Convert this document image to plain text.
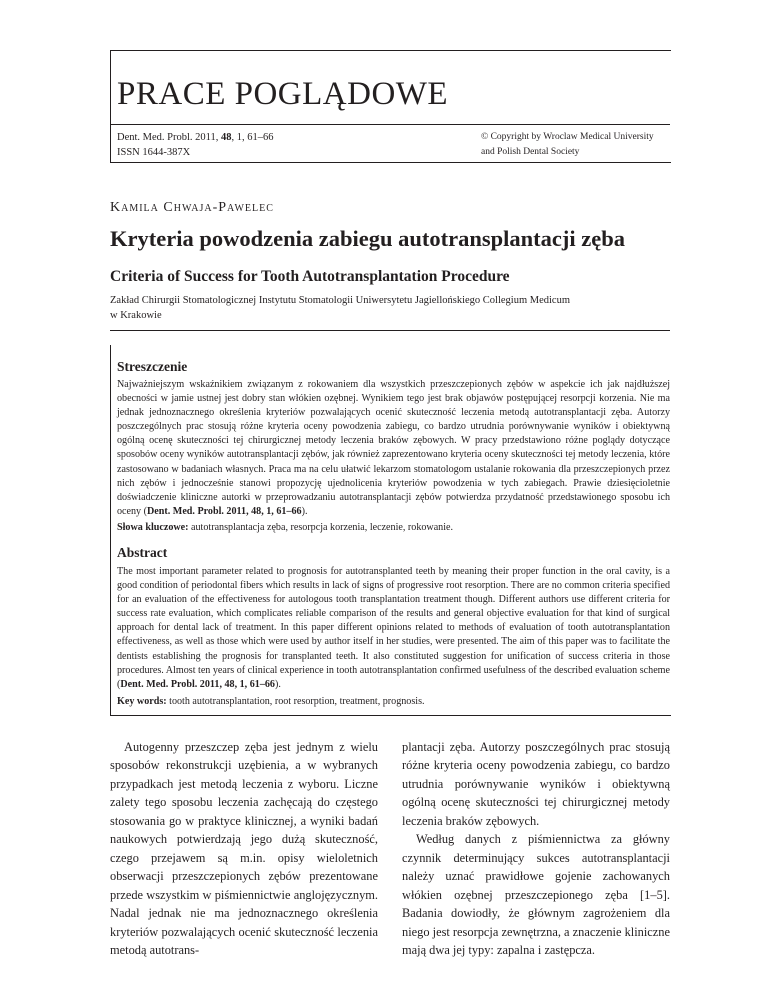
PRACE POGLĄDOWE
Dent. Med. Probl. 2011, 48, 1, 61–66
ISSN 1644-387X
© Copyright by Wroclaw Medical University
and Polish Dental Society
Kamila Chwaja-Pawelec
Kryteria powodzenia zabiegu autotransplantacji zęba
Criteria of Success for Tooth Autotransplantation Procedure
Zakład Chirurgii Stomatologicznej Instytutu Stomatologii Uniwersytetu Jagiellońskiego Collegium Medicum
w Krakowie
Streszczenie

Najważniejszym wskaźnikiem związanym z rokowaniem dla wszystkich przeszczepionych zębów w aspekcie ich jak najdłuższej obecności w jamie ustnej jest dobry stan włókien ozębnej. Wynikiem tego jest brak objawów postępującej resorpcji korzenia. Nie ma jednak jednoznacznego określenia kryteriów pozwalających ocenić skuteczność leczenia metodą autotransplantacji zęba. Autorzy poszczególnych prac stosują różne kryteria oceny powodzenia zabiegu, co bardzo utrudnia porównywanie wyników i obiektywną ogólną ocenę skuteczności tej chirurgicznej metody leczenia braków zębowych. W pracy przedstawiono różne poglądy dotyczące sposobów oceny wyników autotransplantacji zębów, jak również zaprezentowano kryteria oceny skuteczności tej metody leczenia, które zastosowano w badaniach własnych. Praca ma na celu ułatwić lekarzom stomatologom ustalanie rokowania dla przeszczepionych przez nich zębów i jednocześnie stanowi propozycję ujednolicenia kryteriów powodzenia w tych zabiegach. Prawie dziesięcioletnie doświadczenie kliniczne autorki w przeprowadzaniu autotransplantacji zębów potwierdza przydatność przedstawionego sposobu ich oceny (Dent. Med. Probl. 2011, 48, 1, 61–66).

Słowa kluczowe: autotransplantacja zęba, resorpcja korzenia, leczenie, rokowanie.
Abstract

The most important parameter related to prognosis for autotransplanted teeth by meaning their proper function in the oral cavity, is a good condition of periodontal fibers which results in lack of signs of progressive root resorption. There are no common criteria specified for an evaluation of the effectiveness for autologous tooth transplantation treatment though. Different authors use different criteria for success rate evaluation, which complicates reliable comparison of the results and general objective evaluation for that kind of surgical approach for dental lack of treatment. In this paper different opinions related to methods of evaluation of tooth autotransplantation effectiveness, as well as those which were used by author itself in her studies, were presented. The aim of this paper was to facilitate the dentists establishing the prognosis for transplanted teeth. It also constituted suggestion for unification of success criteria in those procedures. Almost ten years of clinical experience in tooth autotransplantation confirmed usefulness of the described evaluation scheme (Dent. Med. Probl. 2011, 48, 1, 61–66).

Key words: tooth autotransplantation, root resorption, treatment, prognosis.

Autogenny przeszczep zęba jest jednym z wielu sposobów rekonstrukcji uzębienia, a w wybranych przypadkach jest metodą leczenia z wyboru. Liczne zalety tego sposobu leczenia zachęcają do częstego stosowania go w praktyce klinicznej, a wyniki badań naukowych potwierdzają jego dużą skuteczność, czego przejawem są m.in. opisy wieloletnich obserwacji przeszczepionych zębów prezentowane przede wszystkim w piśmiennictwie anglojęzycznym. Nadal jednak nie ma jednoznacznego określenia kryteriów pozwalających ocenić skuteczność leczenia metodą autotrans-

plantacji zęba. Autorzy poszczególnych prac stosują różne kryteria oceny powodzenia zabiegu, co bardzo utrudnia porównywanie wyników i obiektywną ogólną ocenę skuteczności tej chirurgicznej metody leczenia braków zębowych.

Według danych z piśmiennictwa za główny czynnik determinujący sukces autotransplantacji należy uznać prawidłowe gojenie zachowanych włókien ozębnej przeszczepionego zęba [1–5]. Badania dowiodły, że głównym zagrożeniem dla niego jest resorpcja zewnętrzna, a znaczenie kliniczne mają dwa jej typy: zapalna i zastępcza.
